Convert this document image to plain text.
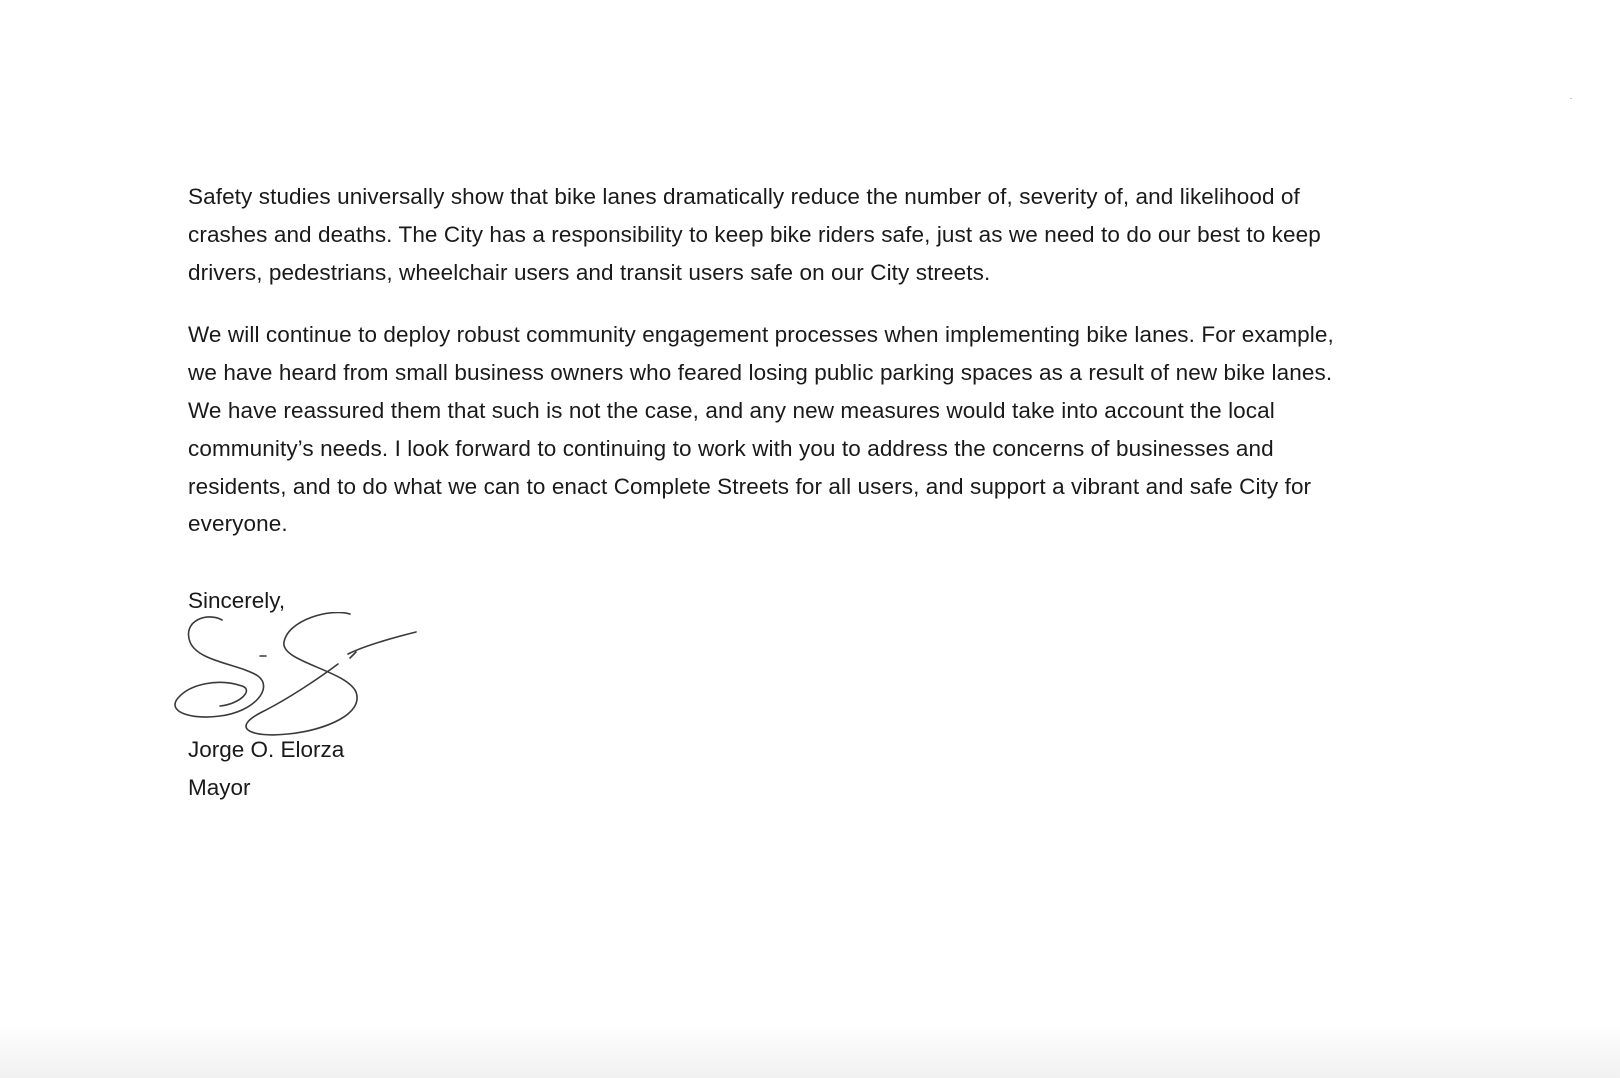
Safety studies universally show that bike lanes dramatically reduce the number of, severity of, and likelihood of
crashes and deaths. The City has a responsibility to keep bike riders safe, just as we need to do our best to keep
drivers, pedestrians, wheelchair users and transit users safe on our City streets.

We will continue to deploy robust community engagement processes when implementing bike lanes. For example,
we have heard from small business owners who feared losing public parking spaces as a result of new bike lanes.
We have reassured them that such is not the case, and any new measures would take into account the local
community’s needs. I look forward to continuing to work with you to address the concerns of businesses and
residents, and to do what we can to enact Complete Streets for all users, and support a vibrant and safe City for
everyone.

Sincerely,
Jorge O. Elorza
Mayor
